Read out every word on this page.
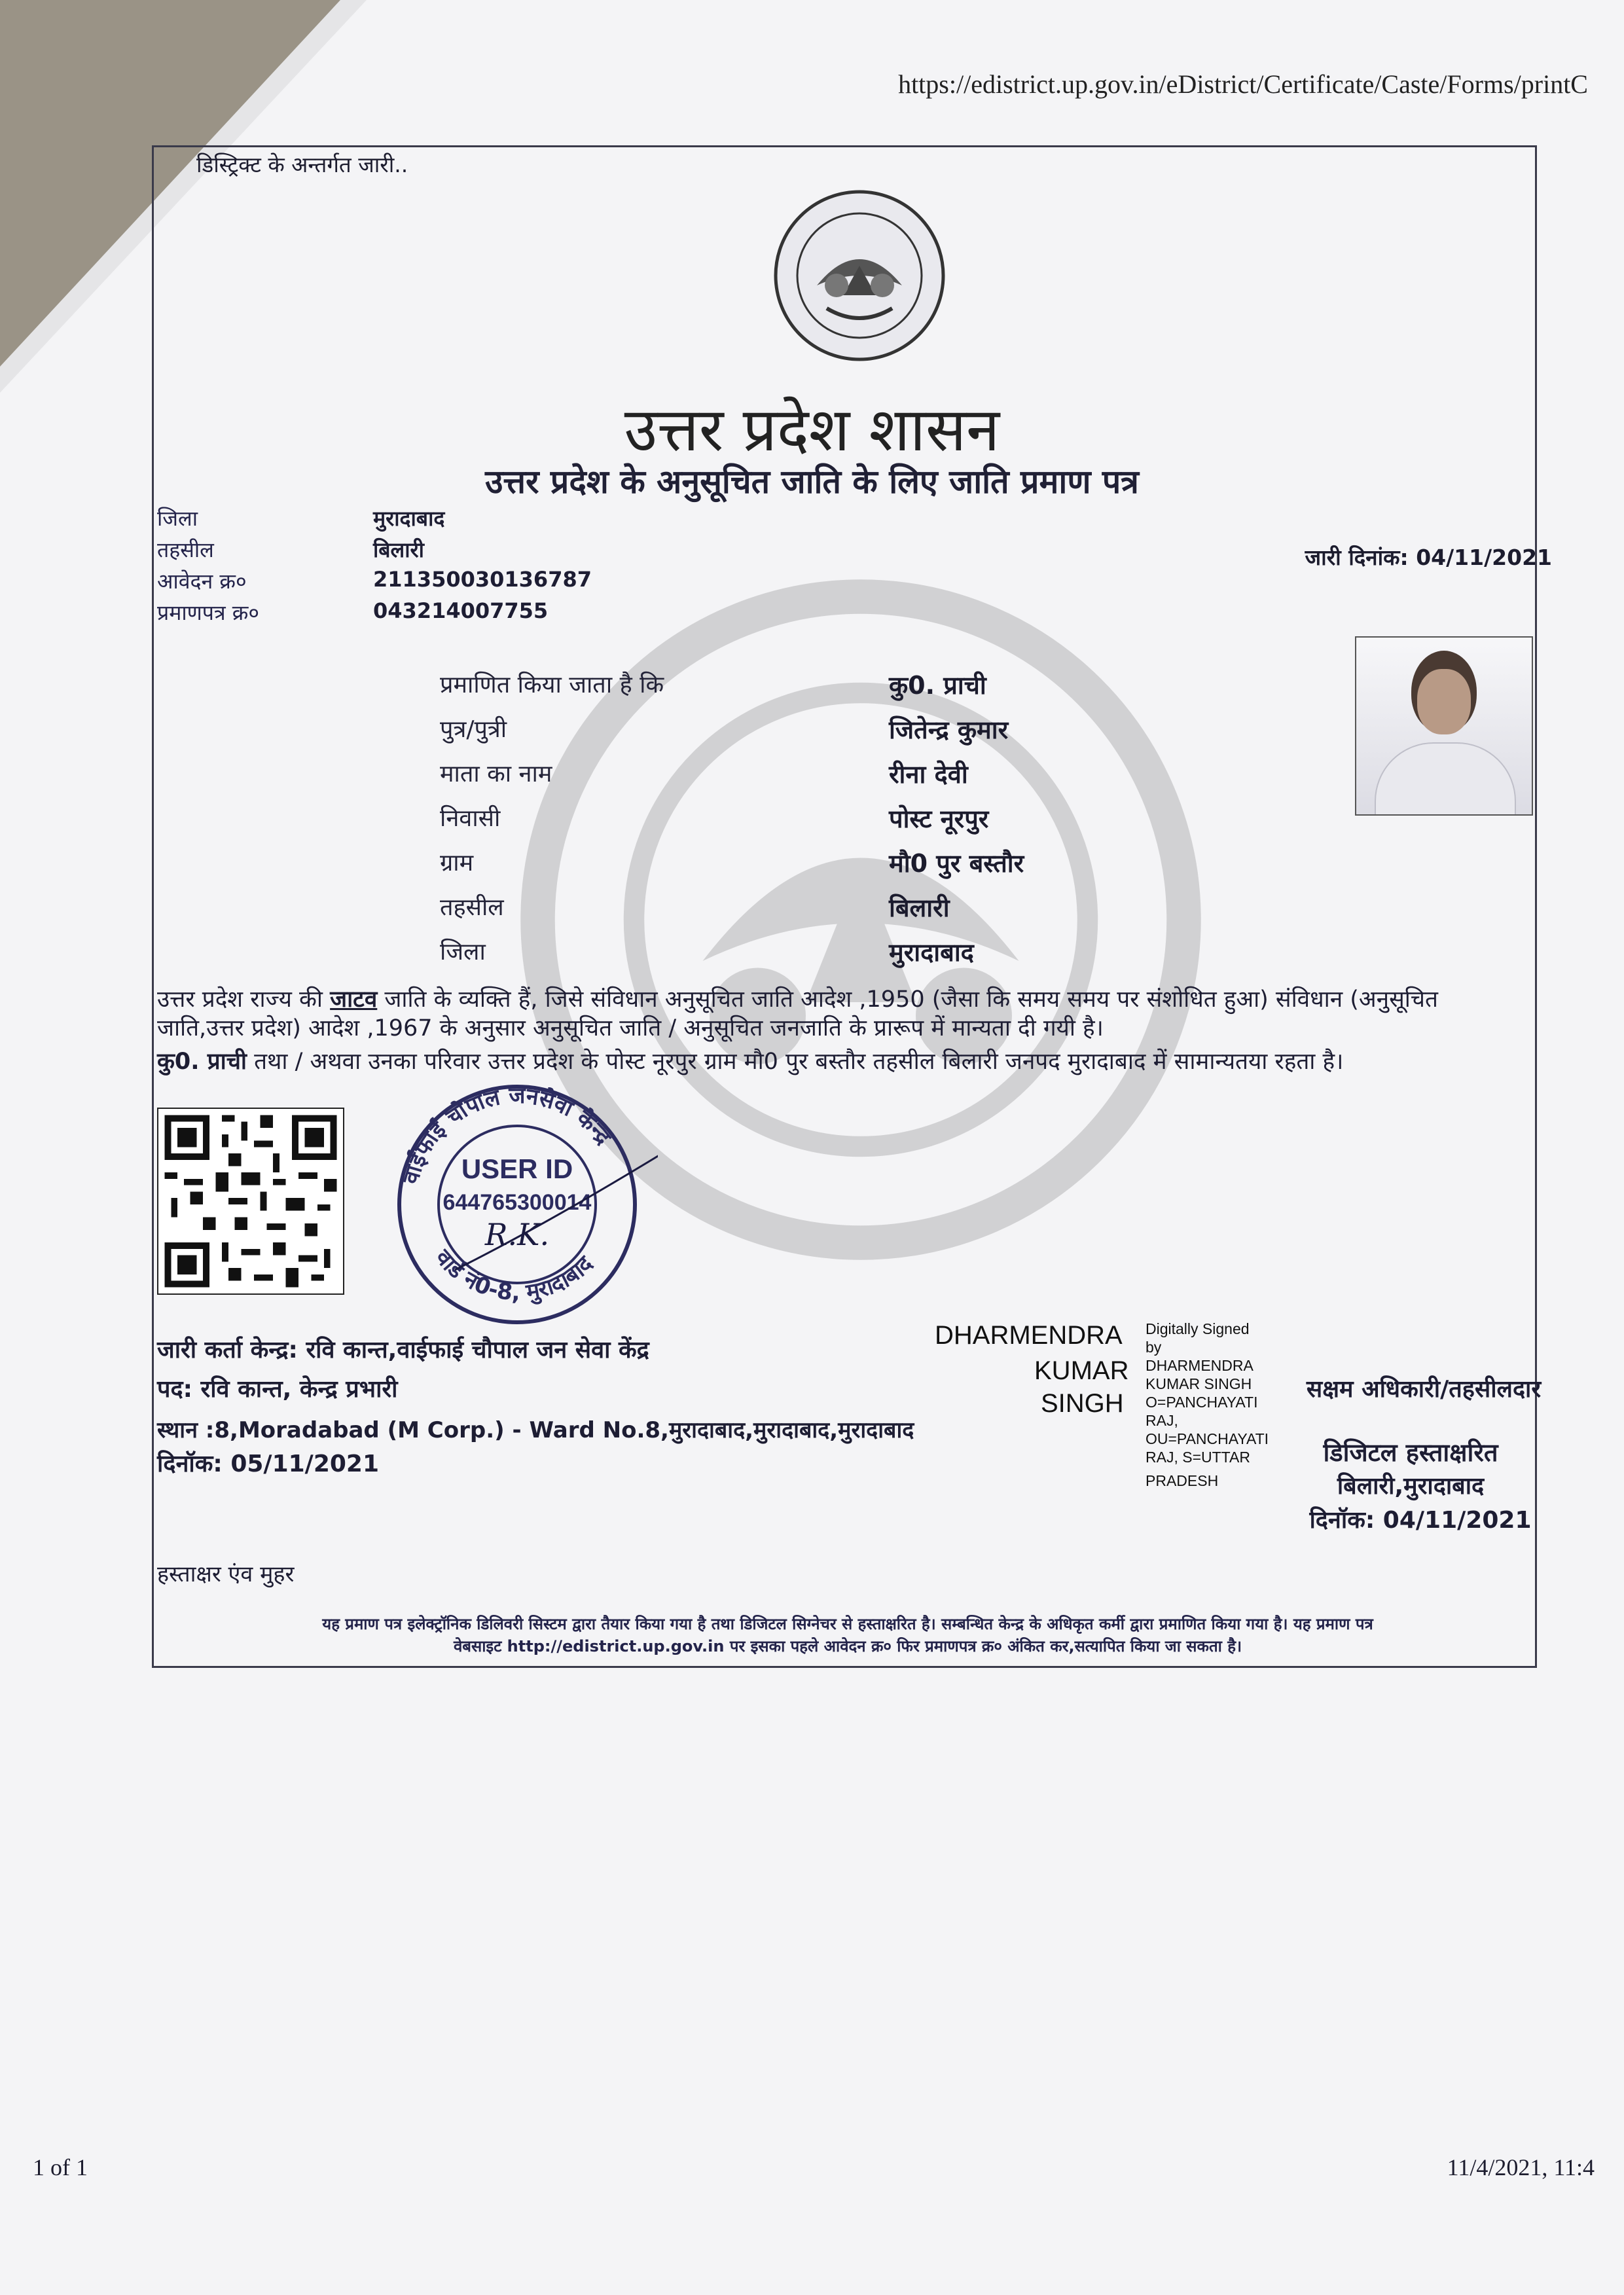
https://edistrict.up.gov.in/eDistrict/Certificate/Caste/Forms/printC
डिस्ट्रिक्ट के अन्तर्गत जारी..
उत्तर प्रदेश शासन
उत्तर प्रदेश के अनुसूचित जाति के लिए जाति प्रमाण पत्र
जिला	मुरादाबाद
तहसील	बिलारी
आवेदन क्र०	211350030136787
प्रमाणपत्र क्र०	043214007755
जारी दिनांक: 04/11/2021
प्रमाणित किया जाता है कि	कु0. प्राची
पुत्र/पुत्री	जितेन्द्र कुमार
माता का नाम	रीना देवी
निवासी	पोस्ट नूरपुर
ग्राम	मौ0 पुर बस्तौर
तहसील	बिलारी
जिला	मुरादाबाद
उत्तर प्रदेश राज्य की जाटव जाति के व्यक्ति हैं, जिसे संविधान अनुसूचित जाति आदेश ,1950 (जैसा कि समय समय पर संशोधित हुआ) संविधान (अनुसूचित
जाति,उत्तर प्रदेश) आदेश ,1967 के अनुसार अनुसूचित जाति / अनुसूचित जनजाति के प्रारूप में मान्यता दी गयी है।
कु0. प्राची तथा / अथवा उनका परिवार उत्तर प्रदेश के पोस्ट नूरपुर ग्राम मौ0 पुर बस्तौर तहसील बिलारी जनपद मुरादाबाद में सामान्यतया रहता है।
वाईफाई चौपाल जनसेवा केन्द्र
वार्ड नं0-8, मुरादाबाद
USER ID
644765300014
R.K.
जारी कर्ता केन्द्र: रवि कान्त,वाईफाई चौपाल जन सेवा केंद्र
पद: रवि कान्त, केन्द्र प्रभारी
स्थान :8,Moradabad (M Corp.) - Ward No.8,मुरादाबाद,मुरादाबाद,मुरादाबाद
दिनॉक: 05/11/2021
DHARMENDRA
KUMAR
SINGH
Digitally Signed
by
DHARMENDRA
KUMAR SINGH
O=PANCHAYATI
RAJ,
OU=PANCHAYATI
RAJ, S=UTTAR
PRADESH
सक्षम अधिकारी/तहसीलदार
डिजिटल हस्ताक्षरित
बिलारी,मुरादाबाद
दिनॉक: 04/11/2021
हस्ताक्षर एंव मुहर
यह प्रमाण पत्र इलेक्ट्रॉनिक डिलिवरी सिस्टम द्वारा तैयार किया गया है तथा डिजिटल सिग्नेचर से हस्ताक्षरित है। सम्बन्धित केन्द्र के अधिकृत कर्मी द्वारा प्रमाणित किया गया है। यह प्रमाण पत्र
वेबसाइट http://edistrict.up.gov.in पर इसका पहले आवेदन क्र० फिर प्रमाणपत्र क्र० अंकित कर,सत्यापित किया जा सकता है।
1 of 1	11/4/2021, 11:4
